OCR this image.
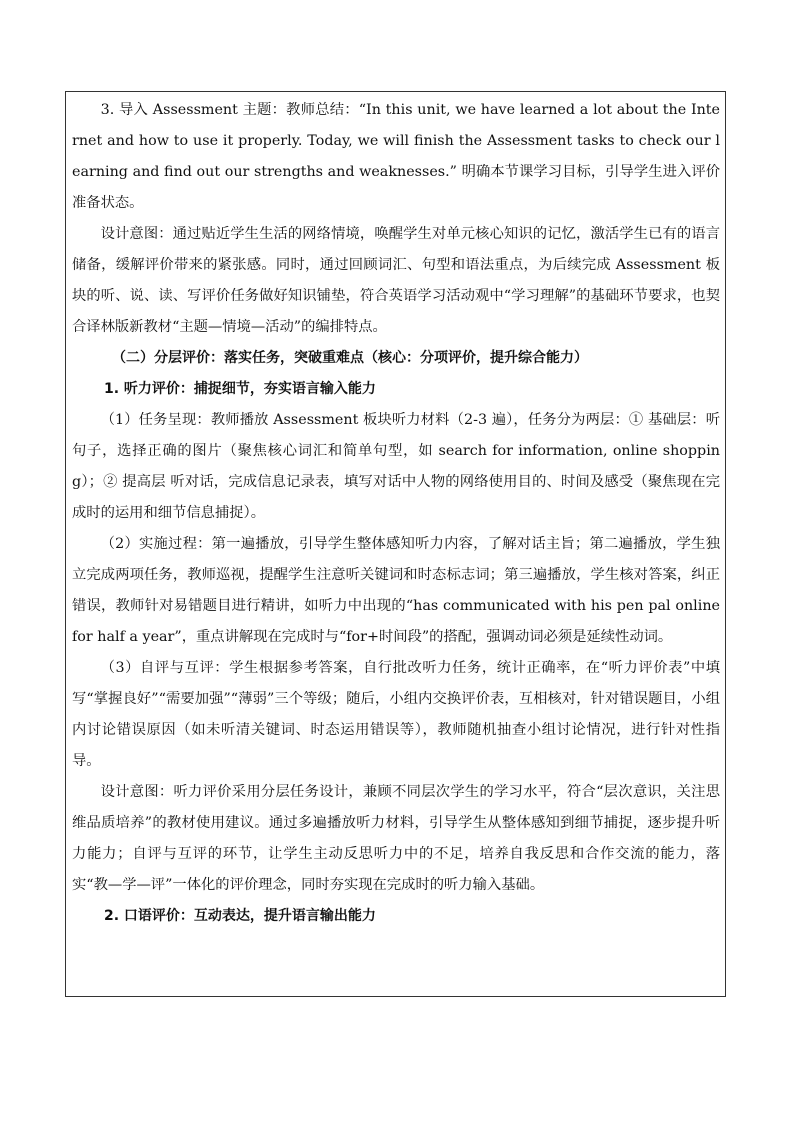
3. 导入 Assessment 主题：教师总结：“In this unit, we have learned a lot about the Internet and how to use it properly. Today, we will finish the Assessment tasks to check our learning and find out our strengths and weaknesses.” 明确本节课学习目标，引导学生进入评价准备状态。

设计意图：通过贴近学生生活的网络情境，唤醒学生对单元核心知识的记忆，激活学生已有的语言储备，缓解评价带来的紧张感。同时，通过回顾词汇、句型和语法重点，为后续完成 Assessment 板块的听、说、读、写评价任务做好知识铺垫，符合英语学习活动观中“学习理解”的基础环节要求，也契合译林版新教材“主题—情境—活动”的编排特点。

（二）分层评价：落实任务，突破重难点（核心：分项评价，提升综合能力）

1. 听力评价：捕捉细节，夯实语言输入能力

（1）任务呈现：教师播放 Assessment 板块听力材料（2-3 遍），任务分为两层：① 基础层：听句子，选择正确的图片（聚焦核心词汇和简单句型，如 search for information, online shopping）；② 提高层 听对话，完成信息记录表，填写对话中人物的网络使用目的、时间及感受（聚焦现在完成时的运用和细节信息捕捉）。

（2）实施过程：第一遍播放，引导学生整体感知听力内容，了解对话主旨；第二遍播放，学生独立完成两项任务，教师巡视，提醒学生注意听关键词和时态标志词；第三遍播放，学生核对答案，纠正错误，教师针对易错题目进行精讲，如听力中出现的“has communicated with his pen pal online for half a year”，重点讲解现在完成时与“for+时间段”的搭配，强调动词必须是延续性动词。

（3）自评与互评：学生根据参考答案，自行批改听力任务，统计正确率，在“听力评价表”中填写“掌握良好”“需要加强”“薄弱”三个等级；随后，小组内交换评价表，互相核对，针对错误题目，小组内讨论错误原因（如未听清关键词、时态运用错误等），教师随机抽查小组讨论情况，进行针对性指导。

设计意图：听力评价采用分层任务设计，兼顾不同层次学生的学习水平，符合“层次意识，关注思维品质培养”的教材使用建议。通过多遍播放听力材料，引导学生从整体感知到细节捕捉，逐步提升听力能力；自评与互评的环节，让学生主动反思听力中的不足，培养自我反思和合作交流的能力，落实“教—学—评”一体化的评价理念，同时夯实现在完成时的听力输入基础。

2. 口语评价：互动表达，提升语言输出能力
